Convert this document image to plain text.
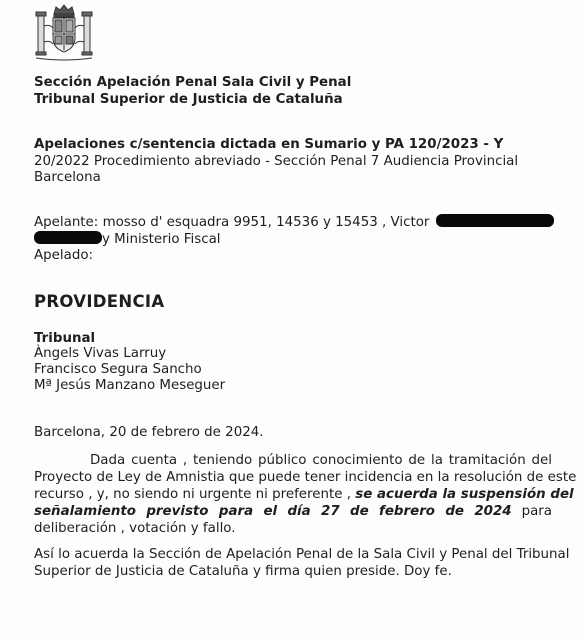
Sección Apelación Penal Sala Civil y Penal
Tribunal Superior de Justicia de Cataluña
Apelaciones c/sentencia dictada en Sumario y PA 120/2023 - Y
20/2022 Procedimiento abreviado - Sección Penal 7 Audiencia Provincial
Barcelona
Apelante: mosso d' esquadra 9951, 14536 y 15453 , Victor
y Ministerio Fiscal
Apelado:
PROVIDENCIA
Tribunal
Àngels Vivas Larruy
Francisco Segura Sancho
Mª Jesús Manzano Meseguer
Barcelona, 20 de febrero de 2024.
Dada cuenta , teniendo público conocimiento de la tramitación del
Proyecto de Ley de Amnistia que puede tener incidencia en la resolución de este
recurso , y, no siendo ni urgente ni preferente , se acuerda la suspensión del
señalamiento previsto para el día 27 de febrero de 2024 para
deliberación , votación y fallo.
Así lo acuerda la Sección de Apelación Penal de la Sala Civil y Penal del Tribunal
Superior de Justicia de Cataluña y firma quien preside. Doy fe.
